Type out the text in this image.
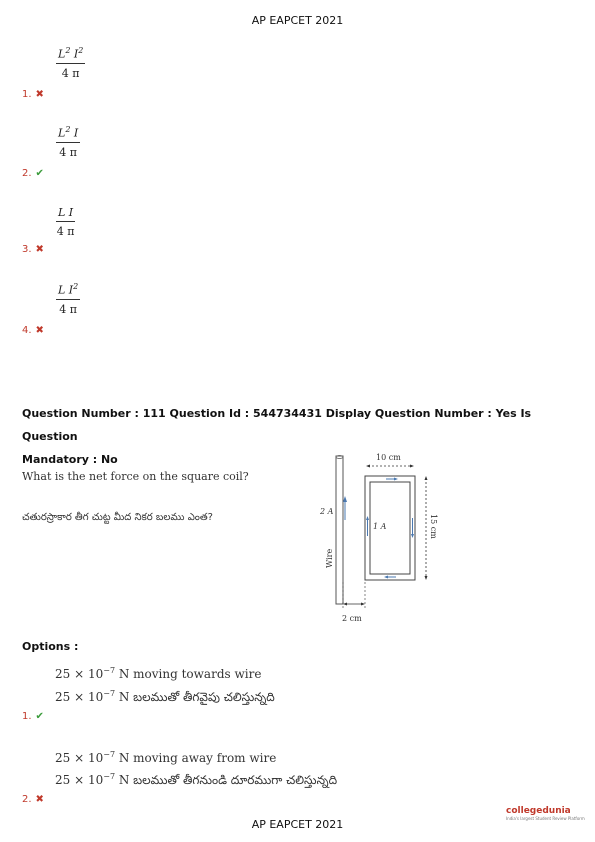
AP EAPCET 2021
1. ✖
$\frac{L^2 I^2}{4 \pi}$
2. ✔
$\frac{L^2 I}{4 \pi}$
3. ✖
$\frac{\text{L I}}{4 \pi}$
4. ✖
$\frac{L I^2}{4 \pi}$
Question Number : 111 Question Id : 544734431 Display Question Number : Yes Is Question
Mandatory : No
What is the net force on the square coil?
చతురస్రాకార తీగ చుట్ట మీద నికర బలము ఎంత?
10 cm
15 cm
2 cm
2 A
1 A
Wire
Options :
$25 \times 10^{-7}$ N moving towards wire
$25 \times 10^{-7}$ N బలముతో తీగవైపు చలిస్తున్నది
1. ✔
$25 \times 10^{-7}$ N moving away from wire
$25 \times 10^{-7}$ N బలముతో తీగనుండి దూరముగా చలిస్తున్నది
2. ✖
AP EAPCET 2021
collegedunia
India's largest Student Review Platform
